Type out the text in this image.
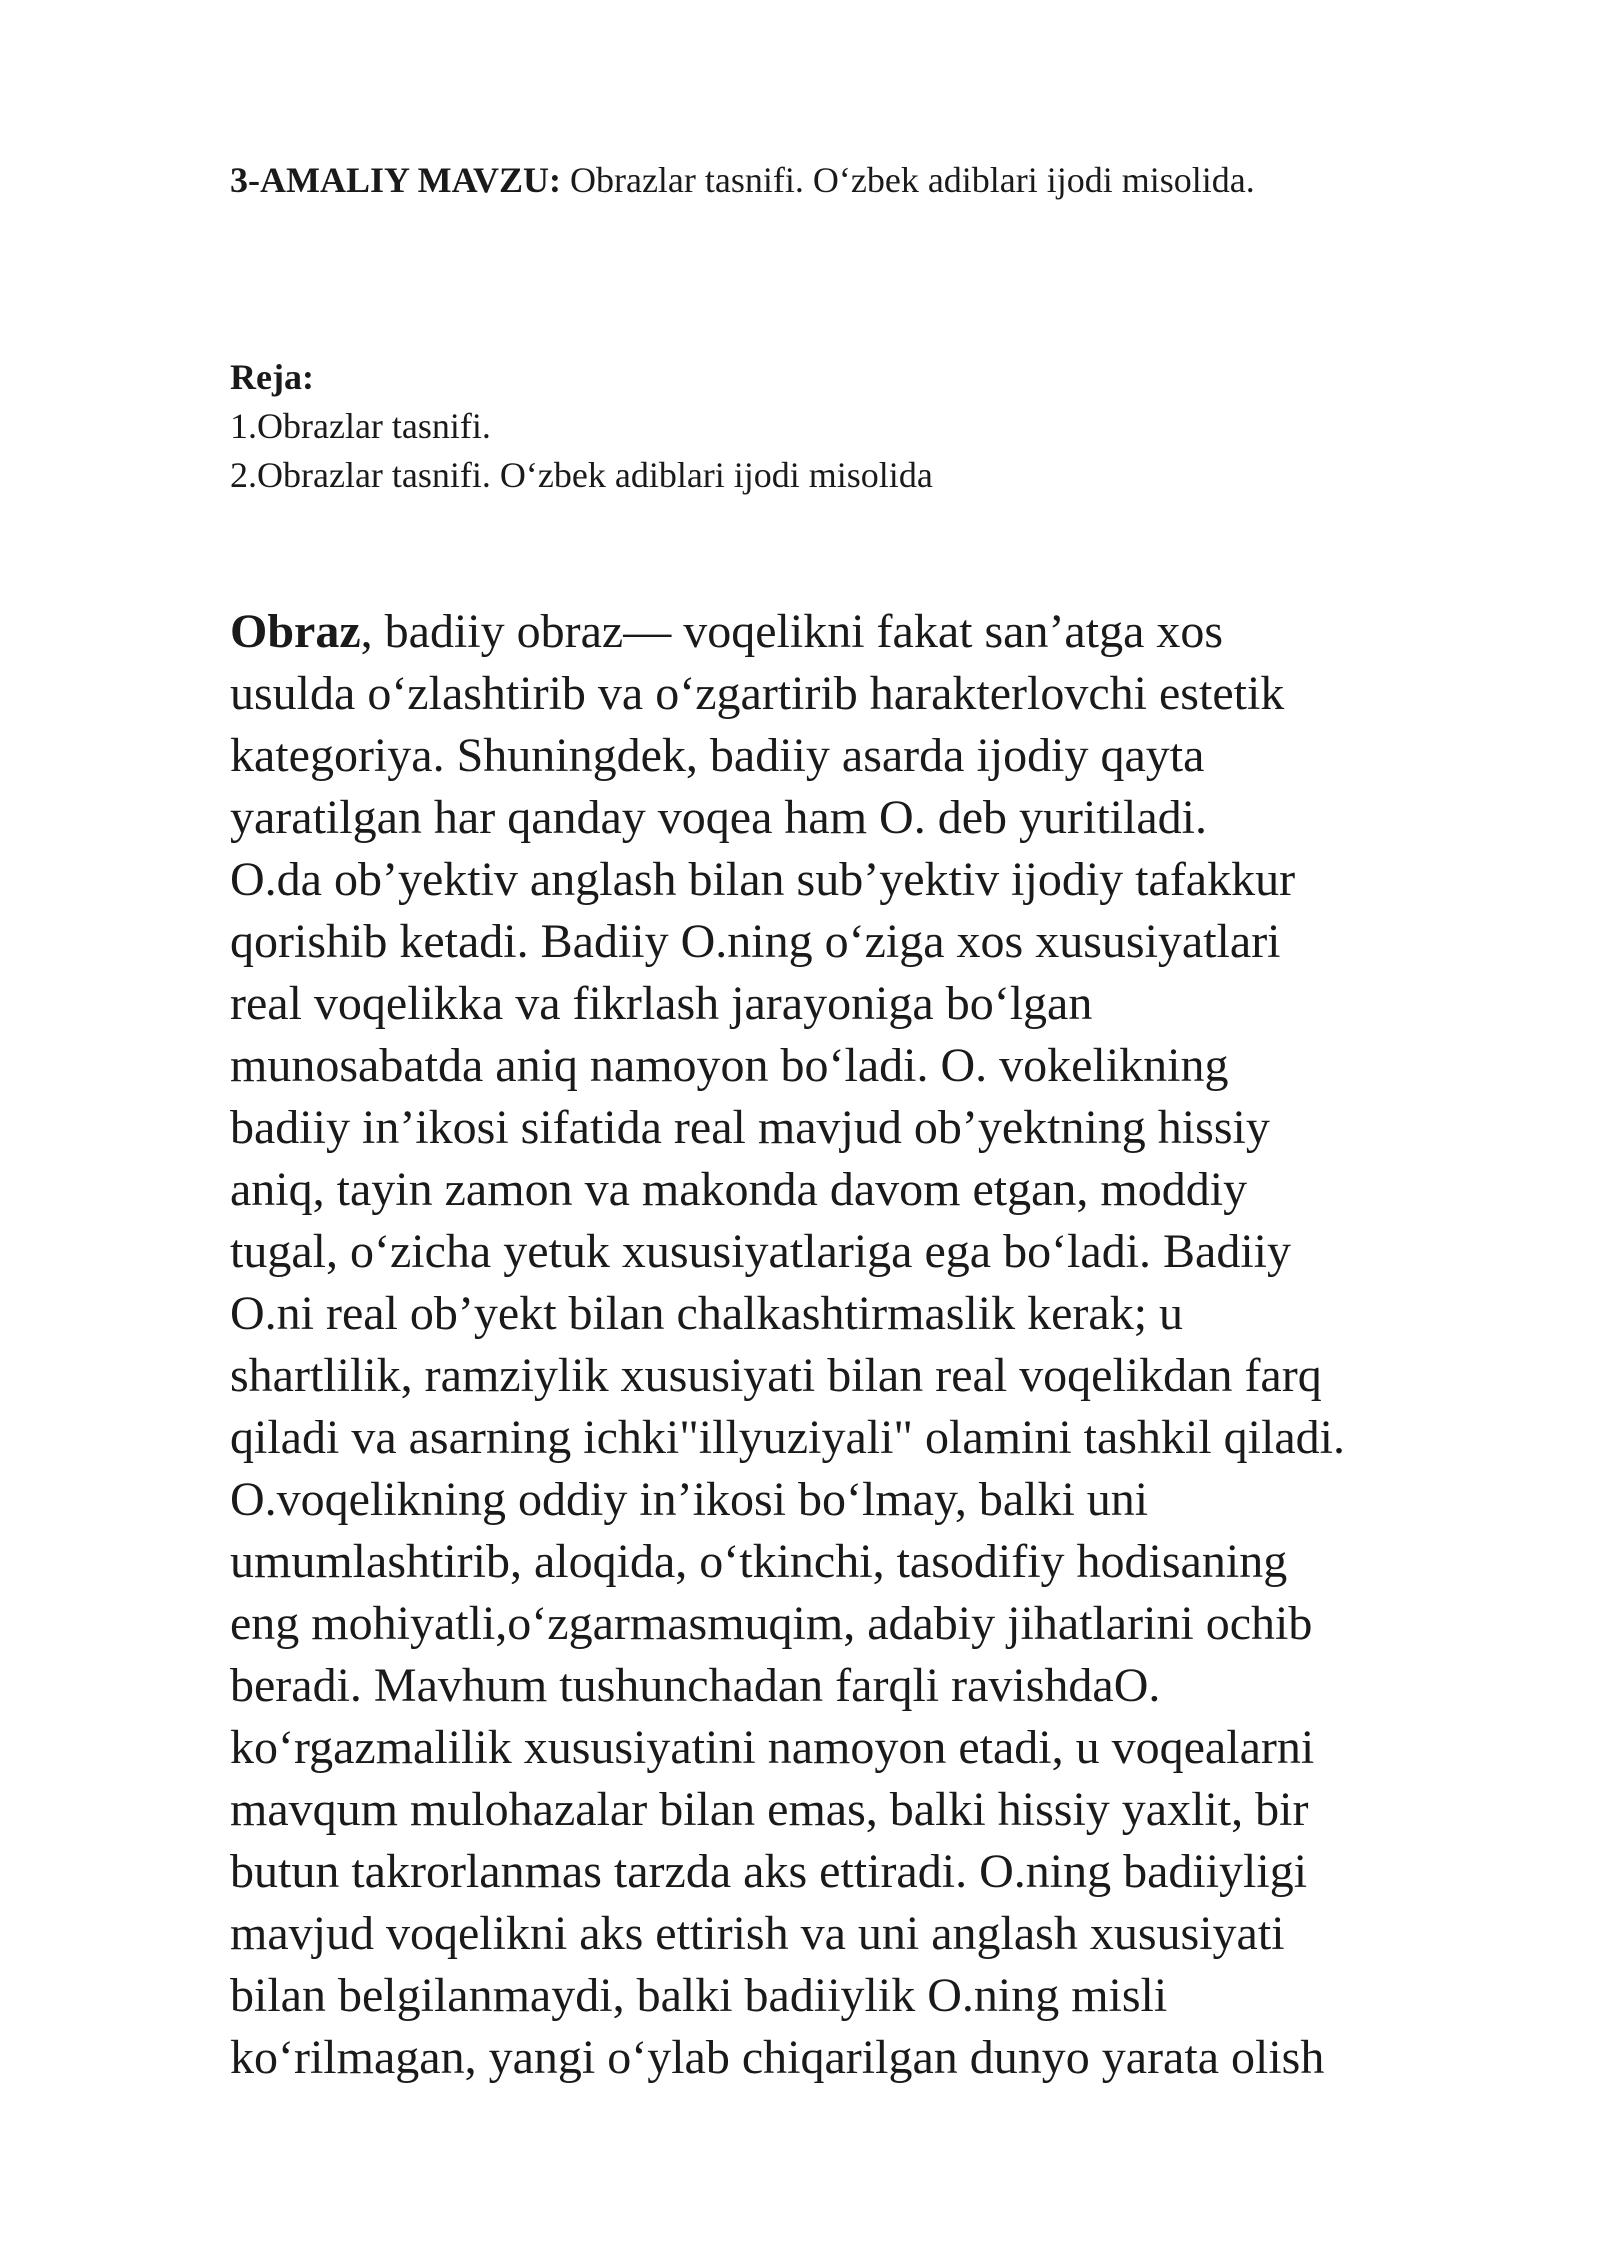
3-AMALIY MAVZU: Obrazlar tasnifi. O‘zbek adiblari ijodi misolida.
Reja:
1.Obrazlar tasnifi.
2.Obrazlar tasnifi. O‘zbek adiblari ijodi misolida
Obraz, badiiy obraz— voqelikni fakat san’atga xos
usulda o‘zlashtirib va o‘zgartirib harakterlovchi estetik
kategoriya. Shuningdek, badiiy asarda ijodiy qayta
yaratilgan har qanday voqea ham O. deb yuritiladi.
O.da ob’yektiv anglash bilan sub’yektiv ijodiy tafakkur
qorishib ketadi. Badiiy O.ning o‘ziga xos xususiyatlari
real voqelikka va fikrlash jarayoniga bo‘lgan
munosabatda aniq namoyon bo‘ladi. O. vokelikning
badiiy in’ikosi sifatida real mavjud ob’yektning hissiy
aniq, tayin zamon va makonda davom etgan, moddiy
tugal, o‘zicha yetuk xususiyatlariga ega bo‘ladi. Badiiy
O.ni real ob’yekt bilan chalkashtirmaslik kerak; u
shartlilik, ramziylik xususiyati bilan real voqelikdan farq
qiladi va asarning ichki"illyuziyali" olamini tashkil qiladi.
O.voqelikning oddiy in’ikosi bo‘lmay, balki uni
umumlashtirib, aloqida, o‘tkinchi, tasodifiy hodisaning
eng mohiyatli,o‘zgarmasmuqim, adabiy jihatlarini ochib
beradi. Mavhum tushunchadan farqli ravishdaO.
ko‘rgazmalilik xususiyatini namoyon etadi, u voqealarni
mavqum mulohazalar bilan emas, balki hissiy yaxlit, bir
butun takrorlanmas tarzda aks ettiradi. O.ning badiiyligi
mavjud voqelikni aks ettirish va uni anglash xususiyati
bilan belgilanmaydi, balki badiiylik O.ning misli
ko‘rilmagan, yangi o‘ylab chiqarilgan dunyo yarata olish
